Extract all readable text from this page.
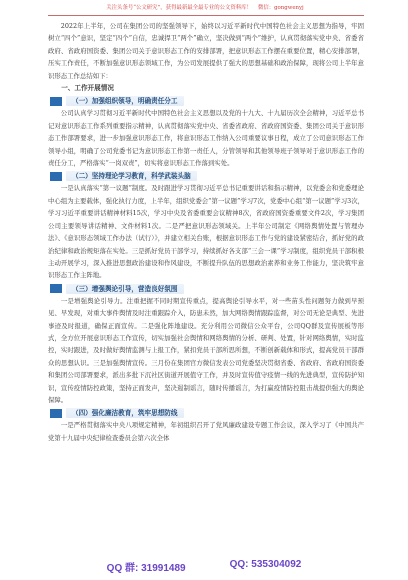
关注头条号“公文研究”，获得最新最全最专业的公文资料库！ 微信：gongwenyj

2022年上半年，公司在集团公司的坚强领导下，始终以习近平新时代中国特色社会主义思想为指导，牢固树立“四个”意识，坚定“四个”自信，忠诚捍卫“两个”确立，坚决做到“两个”维护，认真贯彻落实党中央、省委省政府、省政府国资委、集团公司关于意识形态工作的安排部署，把意识形态工作摆在重要位置，精心安排部署，压实工作责任，不断加强意识形态领域工作，为公司发展提供了强大的思想基础和政治保障，现将公司上半年意识形态工作总结如下：

一、工作开展情况

（一）加强组织领导，明确责任分工

公司认真学习贯彻习近平新时代中国特色社会主义思想以及党的十九大、十九届历次全会精神，习近平总书记对意识形态工作系列重要指示精神，认真贯彻落实党中央、省委省政府、省政府国资委、集团公司关于意识形态工作部署要求，进一步加强意识形态工作，将意识形态工作纳入公司重要议事日程，成立了公司意识形态工作领导小组，明确了公司党委书记为意识形态工作第一责任人，分管领导和其他领导班子领导对于意识形态工作的责任分工，严格落实“一岗双责”，切实将意识形态工作落到实处。

（二）坚持理论学习教育，科学武装头脑

一是认真落实“第一议题”制度。及时跟进学习贯彻习近平总书记重要讲话和指示精神，以党委会和党委理论中心组为主要载体，强化执行力度，上半年，组织党委会“第一议题”学习7次，党委中心组“第一议题”学习3次，学习习近平重要讲话精神材料15次，学习中央及省委重要会议精神8次，省政府国资委重要文件2次，学习集团公司主要领导讲话精神、文件材料1次。二是严把意识形态领域关。上半年公司制定《网络舆情处置与管理办法》、《意识形态领域工作办法（试行）》，并建立相关台账，根据意识形态工作与党的建设紧密结合，抓好党的政治纪律和政治规矩落在实处。三是抓好党员干部学习，持续抓好各支部“三会一课”学习制度，组织党员干部积极主动开展学习，深入推进思想政治建设和作风建设，不断提升队伍的思想政治素养和业务工作能力，坚决筑牢意识形态工作主阵地。

（三）增强舆论引导，营造良好氛围

一是增强舆论引导力。注重把握不同时期宣传重点，提高舆论引导水平，对一些苗头性问题努力做到早预见、早发现，对重大事件舆情及时注重跟踪介入，防患未然，加大网络舆情跟踪监督，对公司无论是典型、先进事迹及时报道，确保正面宣传。二是强化阵地建设。充分利用公司微信公众平台，公司QQ群及宣传展板等形式，全方位开展意识形态工作宣传，切实加强社会舆情和网络舆情的分析、研判、处置，针对网络舆情，实时监控，实时跟进，及时做好舆情监测与上报工作，紧扣党员干部所思所想，不断创新载体和形式，提高党员干部群众的思想认识。三是加强舆情宣传。三月份在集团官方微信发表公司党委坚决贯彻省委、省政府、省政府国资委和集团公司部署要求，派出多批下沉社区街道开展值守工作，并及时宣传值守疫情一线的先进典型，宣传防护知识，宣传疫情防控政策，坚持正面发声，坚决遏制谣言，随时传播谣言，为打赢疫情防控阻击战提供强大的舆论保障。

（四）强化廉洁教育，筑牢思想防线

一是严格贯彻落实中央八项规定精神，年初组织召开了党风廉政建设专题工作会议，深入学习了《中国共产党第十九届中央纪律检查委员会第六次全体

QQ 群: 31991489	QQ: 535304092
